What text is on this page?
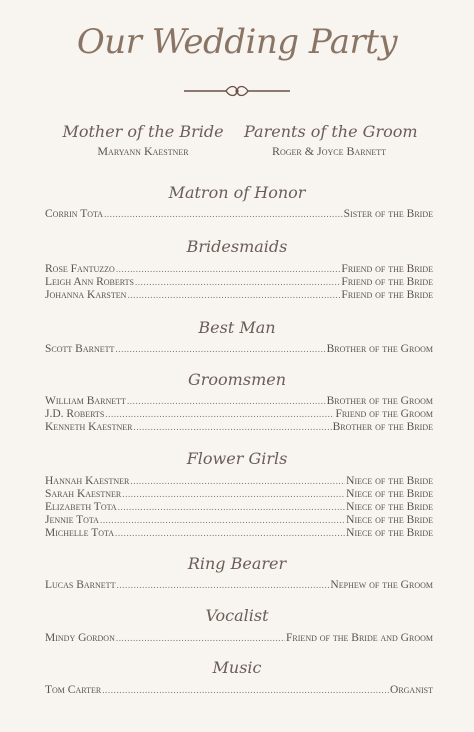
Our Wedding Party
Mother of the Bride
Maryann Kaestner
Parents of the Groom
Roger & Joyce Barnett
Matron of Honor
Corrin Tota .....	Sister of the Bride
Bridesmaids
Rose Fantuzzo .....	Friend of the Bride
Leigh Ann Roberts .....	Friend of the Bride
Johanna Karsten .....	Friend of the Bride
Best Man
Scott Barnett .....	Brother of the Groom
Groomsmen
William Barnett .....	Brother of the Groom
J.D. Roberts .....	Friend of the Groom
Kenneth Kaestner .....	Brother of the Bride
Flower Girls
Hannah Kaestner .....	Niece of the Bride
Sarah Kaestner .....	Niece of the Bride
Elizabeth Tota .....	Niece of the Bride
Jennie Tota .....	Niece of the Bride
Michelle Tota .....	Niece of the Bride
Ring Bearer
Lucas Barnett .....	Nephew of the Groom
Vocalist
Mindy Gordon .....	Friend of the Bride and Groom
Music
Tom Carter .....	Organist
